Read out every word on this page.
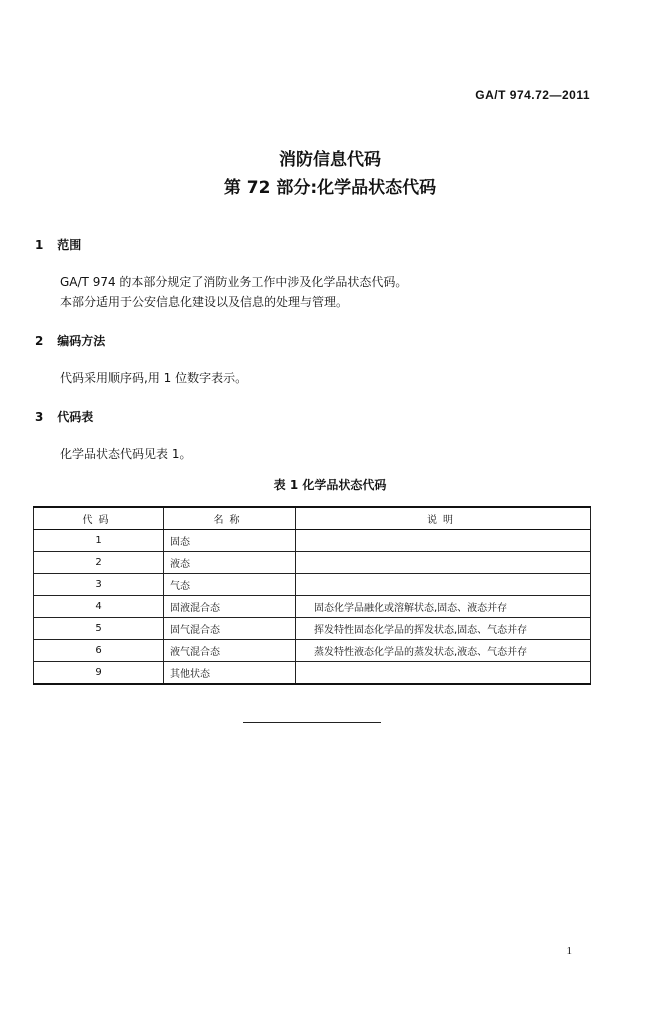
GA/T 974.72—2011
消防信息代码
第 72 部分:化学品状态代码
1 范围
GA/T 974 的本部分规定了消防业务工作中涉及化学品状态代码。
本部分适用于公安信息化建设以及信息的处理与管理。
2 编码方法
代码采用顺序码,用 1 位数字表示。
3 代码表
化学品状态代码见表 1。
表 1 化学品状态代码
代码	名称	说明
1	固态	
2	液态	
3	气态	
4	固液混合态	固态化学品融化或溶解状态,固态、液态并存
5	固气混合态	挥发特性固态化学品的挥发状态,固态、气态并存
6	液气混合态	蒸发特性液态化学品的蒸发状态,液态、气态并存
9	其他状态	
1
